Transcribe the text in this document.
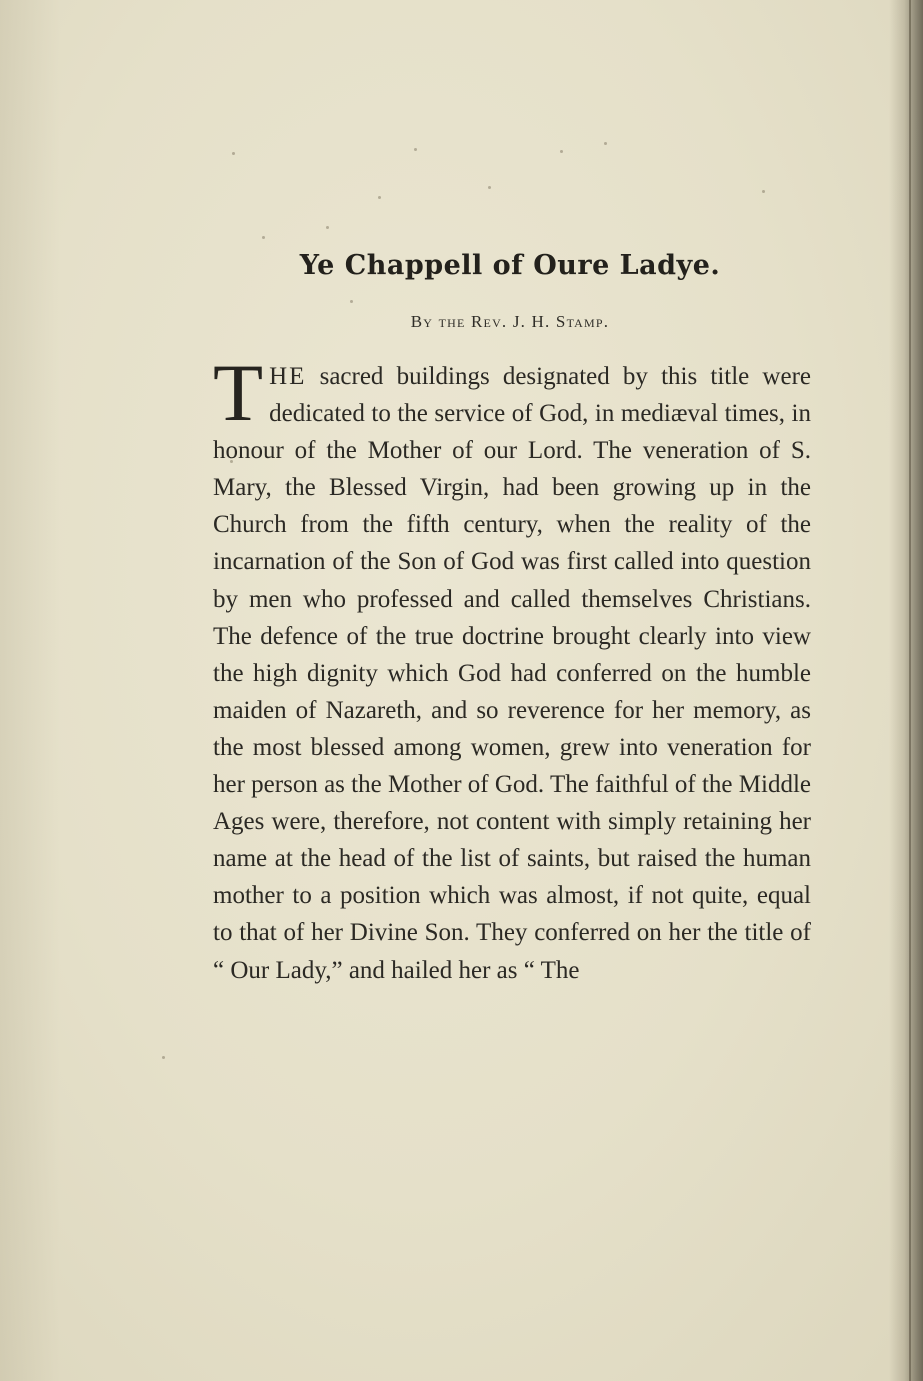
Ye Chappell of Oure Ladye.

By the Rev. J. H. Stamp.

THE sacred buildings designated by this title were dedicated to the service of God, in mediæval times, in honour of the Mother of our Lord. The veneration of S. Mary, the Blessed Virgin, had been growing up in the Church from the fifth century, when the reality of the incarnation of the Son of God was first called into question by men who professed and called themselves Christians. The defence of the true doctrine brought clearly into view the high dignity which God had conferred on the humble maiden of Nazareth, and so reverence for her memory, as the most blessed among women, grew into veneration for her person as the Mother of God. The faithful of the Middle Ages were, therefore, not content with simply retaining her name at the head of the list of saints, but raised the human mother to a position which was almost, if not quite, equal to that of her Divine Son. They conferred on her the title of “ Our Lady,” and hailed her as “ The
